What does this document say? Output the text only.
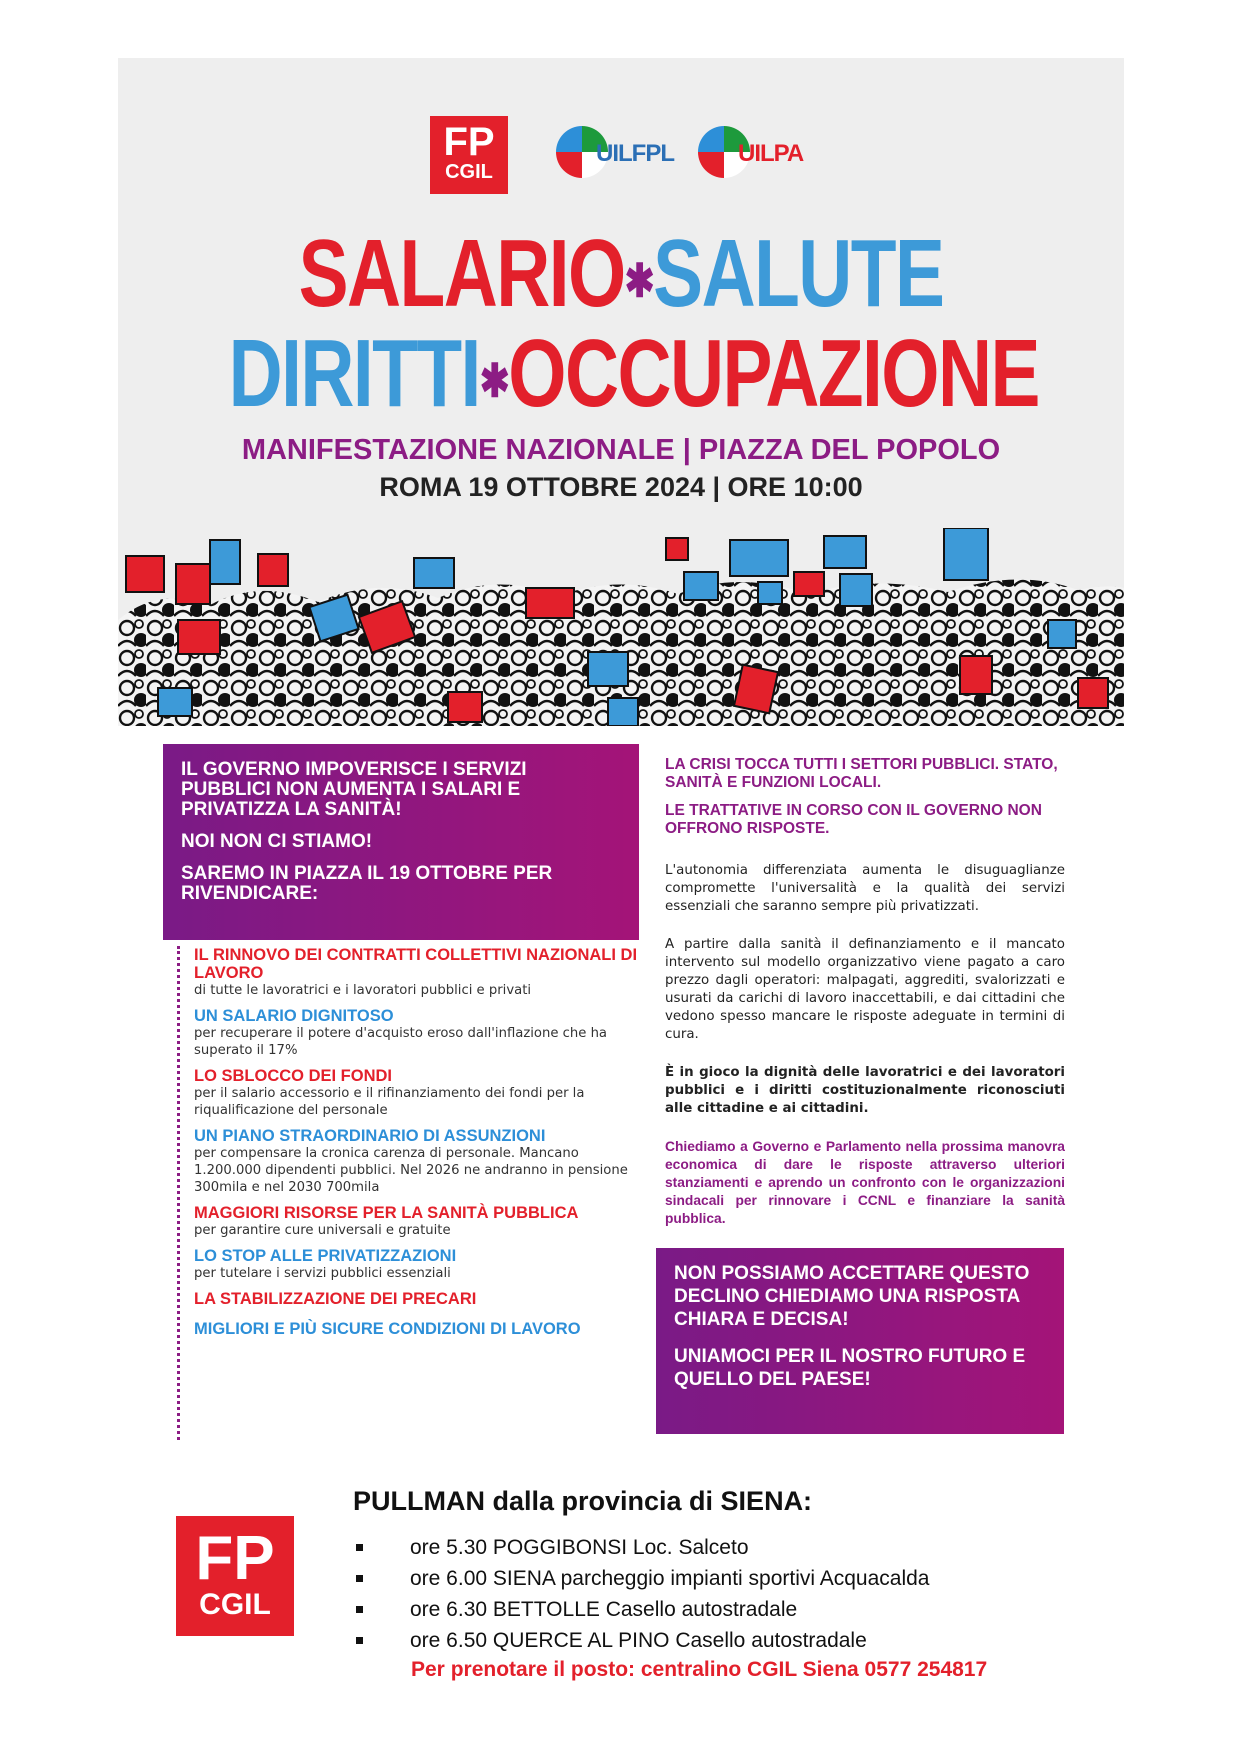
FP
CGIL
UILFPL	UILPA
SALARIO✱SALUTE
DIRITTI✱OCCUPAZIONE
MANIFESTAZIONE NAZIONALE | PIAZZA DEL POPOLO
ROMA 19 OTTOBRE 2024 | ORE 10:00

IL GOVERNO IMPOVERISCE I SERVIZI PUBBLICI NON AUMENTA I SALARI E PRIVATIZZA LA SANITÀ!

NOI NON CI STIAMO!

SAREMO IN PIAZZA IL 19 OTTOBRE PER RIVENDICARE:

IL RINNOVO DEI CONTRATTI COLLETTIVI NAZIONALI DI LAVORO
di tutte le lavoratrici e i lavoratori pubblici e privati
UN SALARIO DIGNITOSO
per recuperare il potere d'acquisto eroso dall'inflazione che ha superato il 17%
LO SBLOCCO DEI FONDI
per il salario accessorio e il rifinanziamento dei fondi per la riqualificazione del personale
UN PIANO STRAORDINARIO DI ASSUNZIONI
per compensare la cronica carenza di personale. Mancano 1.200.000 dipendenti pubblici. Nel 2026 ne andranno in pensione 300mila e nel 2030 700mila
MAGGIORI RISORSE PER LA SANITÀ PUBBLICA
per garantire cure universali e gratuite
LO STOP ALLE PRIVATIZZAZIONI
per tutelare i servizi pubblici essenziali
LA STABILIZZAZIONE DEI PRECARI
MIGLIORI E PIÙ SICURE CONDIZIONI DI LAVORO
LA CRISI TOCCA TUTTI I SETTORI PUBBLICI. STATO, SANITÀ E FUNZIONI LOCALI.
LE TRATTATIVE IN CORSO CON IL GOVERNO NON OFFRONO RISPOSTE.
L'autonomia differenziata aumenta le disuguaglianze compromette l'universalità e la qualità dei servizi essenziali che saranno sempre più privatizzati.
A partire dalla sanità il definanziamento e il mancato intervento sul modello organizzativo viene pagato a caro prezzo dagli operatori: malpagati, aggrediti, svalorizzati e usurati da carichi di lavoro inaccettabili, e dai cittadini che vedono spesso mancare le risposte adeguate in termini di cura.
È in gioco la dignità delle lavoratrici e dei lavoratori pubblici e i diritti costituzionalmente riconosciuti alle cittadine e ai cittadini.
Chiediamo a Governo e Parlamento nella prossima manovra economica di dare le risposte attraverso ulteriori stanziamenti e aprendo un confronto con le organizzazioni sindacali per rinnovare i CCNL e finanziare la sanità pubblica.

NON POSSIAMO ACCETTARE QUESTO DECLINO CHIEDIAMO UNA RISPOSTA CHIARA E DECISA!

UNIAMOCI PER IL NOSTRO FUTURO E QUELLO DEL PAESE!

FP
CGIL
PULLMAN dalla provincia di SIENA:
ore 5.30 POGGIBONSI Loc. Salceto
ore 6.00 SIENA parcheggio impianti sportivi Acquacalda
ore 6.30 BETTOLLE Casello autostradale
ore 6.50 QUERCE AL PINO Casello autostradale
Per prenotare il posto: centralino CGIL Siena 0577 254817
